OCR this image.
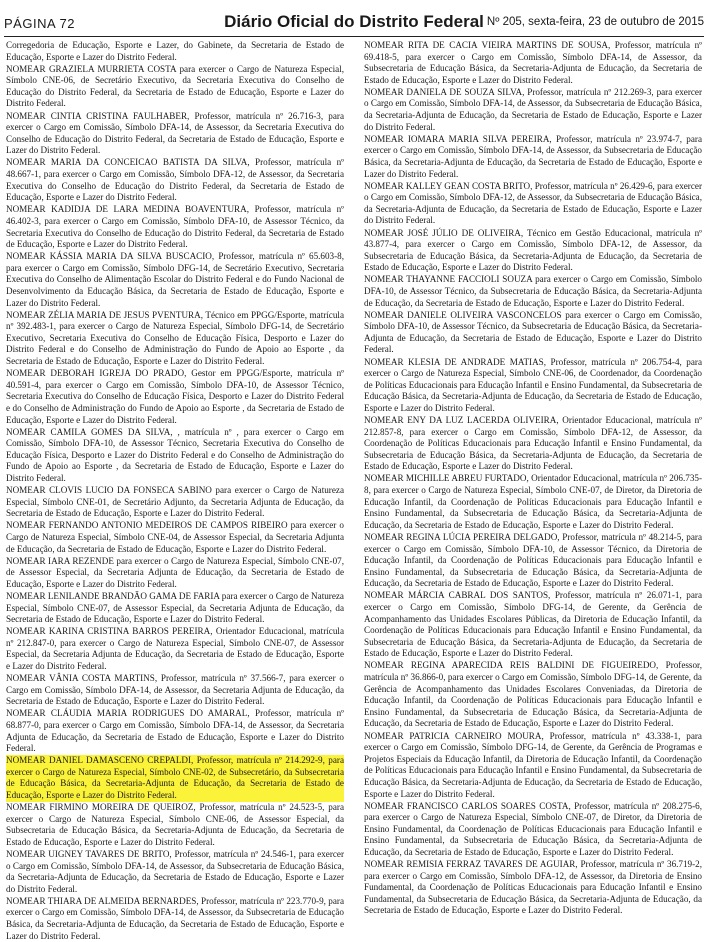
Diário Oficial do Distrito Federal
PÁGINA 72	Nº 205, sexta-feira, 23 de outubro de 2015

Corregedoria de Educação, Esporte e Lazer, do Gabinete, da Secretaria de Estado de Educação, Esporte e Lazer do Distrito Federal.

NOMEAR GRAZIELA MURRIETA COSTA para exercer o Cargo de Natureza Especial, Símbolo CNE-06, de Secretário Executivo, da Secretaria Executiva do Conselho de Educação do Distrito Federal, da Secretaria de Estado de Educação, Esporte e Lazer do Distrito Federal.

NOMEAR CINTIA CRISTINA FAULHABER, Professor, matrícula nº 26.716-3, para exercer o Cargo em Comissão, Símbolo DFA-14, de Assessor, da Secretaria Executiva do Conselho de Educação do Distrito Federal, da Secretaria de Estado de Educação, Esporte e Lazer do Distrito Federal.

NOMEAR MARIA DA CONCEICAO BATISTA DA SILVA, Professor, matrícula nº 48.667-1, para exercer o Cargo em Comissão, Símbolo DFA-12, de Assessor, da Secretaria Executiva do Conselho de Educação do Distrito Federal, da Secretaria de Estado de Educação, Esporte e Lazer do Distrito Federal.

NOMEAR KADIDJA DE LARA MEDINA BOAVENTURA, Professor, matrícula nº 46.402-3, para exercer o Cargo em Comissão, Símbolo DFA-10, de Assessor Técnico, da Secretaria Executiva do Conselho de Educação do Distrito Federal, da Secretaria de Estado de Educação, Esporte e Lazer do Distrito Federal.

NOMEAR KÁSSIA MARIA DA SILVA BUSCACIO, Professor, matrícula nº 65.603-8, para exercer o Cargo em Comissão, Símbolo DFG-14, de Secretário Executivo, Secretaria Executiva do Conselho de Alimentação Escolar do Distrito Federal e do Fundo Nacional de Desenvolvimento da Educação Básica, da Secretaria de Estado de Educação, Esporte e Lazer do Distrito Federal.

NOMEAR ZÉLIA MARIA DE JESUS PVENTURA, Técnico em PPGG/Esporte, matrícula nº 392.483-1, para exercer o Cargo de Natureza Especial, Símbolo DFG-14, de Secretário Executivo, Secretaria Executiva do Conselho de Educação Física, Desporto e Lazer do Distrito Federal e do Conselho de Administração do Fundo de Apoio ao Esporte , da Secretaria de Estado de Educação, Esporte e Lazer do Distrito Federal.

NOMEAR DEBORAH IGREJA DO PRADO, Gestor em PPGG/Esporte, matrícula nº 40.591-4, para exercer o Cargo em Comissão, Símbolo DFA-10, de Assessor Técnico, Secretaria Executiva do Conselho de Educação Física, Desporto e Lazer do Distrito Federal e do Conselho de Administração do Fundo de Apoio ao Esporte , da Secretaria de Estado de Educação, Esporte e Lazer do Distrito Federal.

NOMEAR CAMILA GOMES DA SILVA, , matrícula nº , para exercer o Cargo em Comissão, Símbolo DFA-10, de Assessor Técnico, Secretaria Executiva do Conselho de Educação Física, Desporto e Lazer do Distrito Federal e do Conselho de Administração do Fundo de Apoio ao Esporte , da Secretaria de Estado de Educação, Esporte e Lazer do Distrito Federal.

NOMEAR CLOVIS LUCIO DA FONSECA SABINO para exercer o Cargo de Natureza Especial, Símbolo CNE-01, de Secretário Adjunto, da Secretaria Adjunta de Educação, da Secretaria de Estado de Educação, Esporte e Lazer do Distrito Federal.

NOMEAR FERNANDO ANTONIO MEDEIROS DE CAMPOS RIBEIRO para exercer o Cargo de Natureza Especial, Símbolo CNE-04, de Assessor Especial, da Secretaria Adjunta de Educação, da Secretaria de Estado de Educação, Esporte e Lazer do Distrito Federal.

NOMEAR IARA REZENDE para exercer o Cargo de Natureza Especial, Símbolo CNE-07, de Assessor Especial, da Secretaria Adjunta de Educação, da Secretaria de Estado de Educação, Esporte e Lazer do Distrito Federal.

NOMEAR LENILANDE BRANDÃO GAMA DE FARIA para exercer o Cargo de Natureza Especial, Símbolo CNE-07, de Assessor Especial, da Secretaria Adjunta de Educação, da Secretaria de Estado de Educação, Esporte e Lazer do Distrito Federal.

NOMEAR KARINA CRISTINA BARROS PEREIRA, Orientador Educacional, matrícula nº 212.847-0, para exercer o Cargo de Natureza Especial, Símbolo CNE-07, de Assessor Especial, da Secretaria Adjunta de Educação, da Secretaria de Estado de Educação, Esporte e Lazer do Distrito Federal.

NOMEAR VÂNIA COSTA MARTINS, Professor, matrícula nº 37.566-7, para exercer o Cargo em Comissão, Símbolo DFA-14, de Assessor, da Secretaria Adjunta de Educação, da Secretaria de Estado de Educação, Esporte e Lazer do Distrito Federal.

NOMEAR CLÁUDIA MARIA RODRIGUES DO AMARAL, Professor, matrícula nº 68.877-0, para exercer o Cargo em Comissão, Símbolo DFA-14, de Assessor, da Secretaria Adjunta de Educação, da Secretaria de Estado de Educação, Esporte e Lazer do Distrito Federal.

NOMEAR DANIEL DAMASCENO CREPALDI, Professor, matrícula nº 214.292-9, para exercer o Cargo de Natureza Especial, Símbolo CNE-02, de Subsecretário, da Subsecretaria de Educação Básica, da Secretaria-Adjunta de Educação, da Secretaria de Estado de Educação, Esporte e Lazer do Distrito Federal.

NOMEAR FIRMINO MOREIRA DE QUEIROZ, Professor, matrícula nº 24.523-5, para exercer o Cargo de Natureza Especial, Símbolo CNE-06, de Assessor Especial, da Subsecretaria de Educação Básica, da Secretaria-Adjunta de Educação, da Secretaria de Estado de Educação, Esporte e Lazer do Distrito Federal.

NOMEAR UIGNEY TAVARES DE BRITO, Professor, matrícula nº 24.546-1, para exercer o Cargo em Comissão, Símbolo DFA-14, de Assessor, da Subsecretaria de Educação Básica, da Secretaria-Adjunta de Educação, da Secretaria de Estado de Educação, Esporte e Lazer do Distrito Federal.

NOMEAR THIARA DE ALMEIDA BERNARDES, Professor, matrícula nº 223.770-9, para exercer o Cargo em Comissão, Símbolo DFA-14, de Assessor, da Subsecretaria de Educação Básica, da Secretaria-Adjunta de Educação, da Secretaria de Estado de Educação, Esporte e Lazer do Distrito Federal.

NOMEAR RITA DE CACIA VIEIRA MARTINS DE SOUSA, Professor, matrícula nº 69.418-5, para exercer o Cargo em Comissão, Símbolo DFA-14, de Assessor, da Subsecretaria de Educação Básica, da Secretaria-Adjunta de Educação, da Secretaria de Estado de Educação, Esporte e Lazer do Distrito Federal.

NOMEAR DANIELA DE SOUZA SILVA, Professor, matrícula nº 212.269-3, para exercer o Cargo em Comissão, Símbolo DFA-14, de Assessor, da Subsecretaria de Educação Básica, da Secretaria-Adjunta de Educação, da Secretaria de Estado de Educação, Esporte e Lazer do Distrito Federal.

NOMEAR IOMARA MARIA SILVA PEREIRA, Professor, matrícula nº 23.974-7, para exercer o Cargo em Comissão, Símbolo DFA-14, de Assessor, da Subsecretaria de Educação Básica, da Secretaria-Adjunta de Educação, da Secretaria de Estado de Educação, Esporte e Lazer do Distrito Federal.

NOMEAR KALLEY GEAN COSTA BRITO, Professor, matrícula nº 26.429-6, para exercer o Cargo em Comissão, Símbolo DFA-12, de Assessor, da Subsecretaria de Educação Básica, da Secretaria-Adjunta de Educação, da Secretaria de Estado de Educação, Esporte e Lazer do Distrito Federal.

NOMEAR JOSÉ JÚLIO DE OLIVEIRA, Técnico em Gestão Educacional, matrícula nº 43.877-4, para exercer o Cargo em Comissão, Símbolo DFA-12, de Assessor, da Subsecretaria de Educação Básica, da Secretaria-Adjunta de Educação, da Secretaria de Estado de Educação, Esporte e Lazer do Distrito Federal.

NOMEAR THAYANNE FACCIOLI SOUZA para exercer o Cargo em Comissão, Símbolo DFA-10, de Assessor Técnico, da Subsecretaria de Educação Básica, da Secretaria-Adjunta de Educação, da Secretaria de Estado de Educação, Esporte e Lazer do Distrito Federal.

NOMEAR DANIELE OLIVEIRA VASCONCELOS para exercer o Cargo em Comissão, Símbolo DFA-10, de Assessor Técnico, da Subsecretaria de Educação Básica, da Secretaria-Adjunta de Educação, da Secretaria de Estado de Educação, Esporte e Lazer do Distrito Federal.

NOMEAR KLESIA DE ANDRADE MATIAS, Professor, matrícula nº 206.754-4, para exercer o Cargo de Natureza Especial, Símbolo CNE-06, de Coordenador, da Coordenação de Políticas Educacionais para Educação Infantil e Ensino Fundamental, da Subsecretaria de Educação Básica, da Secretaria-Adjunta de Educação, da Secretaria de Estado de Educação, Esporte e Lazer do Distrito Federal.

NOMEAR ENY DA LUZ LACERDA OLIVEIRA, Orientador Educacional, matrícula nº 212.857-8, para exercer o Cargo em Comissão, Símbolo DFA-12, de Assessor, da Coordenação de Políticas Educacionais para Educação Infantil e Ensino Fundamental, da Subsecretaria de Educação Básica, da Secretaria-Adjunta de Educação, da Secretaria de Estado de Educação, Esporte e Lazer do Distrito Federal.

NOMEAR MICHILLE ABREU FURTADO, Orientador Educacional, matrícula nº 206.735-8, para exercer o Cargo de Natureza Especial, Símbolo CNE-07, de Diretor, da Diretoria de Educação Infantil, da Coordenação de Políticas Educacionais para Educação Infantil e Ensino Fundamental, da Subsecretaria de Educação Básica, da Secretaria-Adjunta de Educação, da Secretaria de Estado de Educação, Esporte e Lazer do Distrito Federal.

NOMEAR REGINA LÚCIA PEREIRA DELGADO, Professor, matrícula nº 48.214-5, para exercer o Cargo em Comissão, Símbolo DFA-10, de Assessor Técnico, da Diretoria de Educação Infantil, da Coordenação de Políticas Educacionais para Educação Infantil e Ensino Fundamental, da Subsecretaria de Educação Básica, da Secretaria-Adjunta de Educação, da Secretaria de Estado de Educação, Esporte e Lazer do Distrito Federal.

NOMEAR MÁRCIA CABRAL DOS SANTOS, Professor, matrícula nº 26.071-1, para exercer o Cargo em Comissão, Símbolo DFG-14, de Gerente, da Gerência de Acompanhamento das Unidades Escolares Públicas, da Diretoria de Educação Infantil, da Coordenação de Políticas Educacionais para Educação Infantil e Ensino Fundamental, da Subsecretaria de Educação Básica, da Secretaria-Adjunta de Educação, da Secretaria de Estado de Educação, Esporte e Lazer do Distrito Federal.

NOMEAR REGINA APARECIDA REIS BALDINI DE FIGUEIREDO, Professor, matrícula nº 36.866-0, para exercer o Cargo em Comissão, Símbolo DFG-14, de Gerente, da Gerência de Acompanhamento das Unidades Escolares Conveniadas, da Diretoria de Educação Infantil, da Coordenação de Políticas Educacionais para Educação Infantil e Ensino Fundamental, da Subsecretaria de Educação Básica, da Secretaria-Adjunta de Educação, da Secretaria de Estado de Educação, Esporte e Lazer do Distrito Federal.

NOMEAR PATRICIA CARNEIRO MOURA, Professor, matrícula nº 43.338-1, para exercer o Cargo em Comissão, Símbolo DFG-14, de Gerente, da Gerência de Programas e Projetos Especiais da Educação Infantil, da Diretoria de Educação Infantil, da Coordenação de Políticas Educacionais para Educação Infantil e Ensino Fundamental, da Subsecretaria de Educação Básica, da Secretaria-Adjunta de Educação, da Secretaria de Estado de Educação, Esporte e Lazer do Distrito Federal.

NOMEAR FRANCISCO CARLOS SOARES COSTA, Professor, matrícula nº 208.275-6, para exercer o Cargo de Natureza Especial, Símbolo CNE-07, de Diretor, da Diretoria de Ensino Fundamental, da Coordenação de Políticas Educacionais para Educação Infantil e Ensino Fundamental, da Subsecretaria de Educação Básica, da Secretaria-Adjunta de Educação, da Secretaria de Estado de Educação, Esporte e Lazer do Distrito Federal.

NOMEAR REMISIA FERRAZ TAVARES DE AGUIAR, Professor, matrícula nº 36.719-2, para exercer o Cargo em Comissão, Símbolo DFA-12, de Assessor, da Diretoria de Ensino Fundamental, da Coordenação de Políticas Educacionais para Educação Infantil e Ensino Fundamental, da Subsecretaria de Educação Básica, da Secretaria-Adjunta de Educação, da Secretaria de Estado de Educação, Esporte e Lazer do Distrito Federal.
